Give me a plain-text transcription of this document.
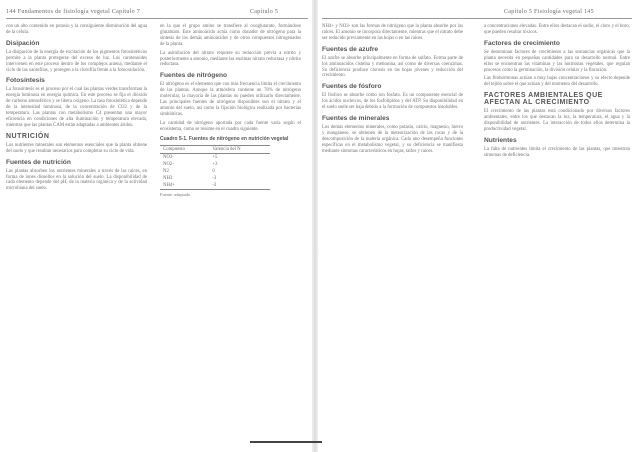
144 Fundamentos de fisiología vegetal Capítulo 7	Capítulo 5

con un alto contenido en potasio y la consiguiente disminución del agua de la célula.

Disipación

La disipación de la energía de excitación de los pigmentos fotosintéticos permite a la planta protegerse del exceso de luz. Los carotenoides intervienen en este proceso dentro de los complejos antena, mediante el ciclo de las xantofilas, y protegen a la clorofila frente a la fotooxidación.

Fotosíntesis

La fotosíntesis es el proceso por el cual las plantas verdes transforman la energía luminosa en energía química. En este proceso se fija el dióxido de carbono atmosférico y se libera oxígeno. La tasa fotosintética depende de la intensidad luminosa, de la concentración de CO2 y de la temperatura. Las plantas con metabolismo C4 presentan una mayor eficiencia en condiciones de alta iluminación y temperatura elevada, mientras que las plantas CAM están adaptadas a ambientes áridos.

NUTRICIÓN

Los nutrientes minerales son elementos esenciales que la planta obtiene del suelo y que resultan necesarios para completar su ciclo de vida.

Fuentes de nutrición

Las plantas absorben los nutrientes minerales a través de las raíces, en forma de iones disueltos en la solución del suelo. La disponibilidad de cada elemento depende del pH, de la materia orgánica y de la actividad microbiana del suelo.

en la que el grupo amino se transfiere al oxoglutarato, formándose glutamato. Este aminoácido actúa como donador de nitrógeno para la síntesis de los demás aminoácidos y de otros compuestos nitrogenados de la planta.

La asimilación del nitrato requiere su reducción previa a nitrito y posteriormente a amonio, mediante las enzimas nitrato reductasa y nitrito reductasa.

Fuentes de nitrógeno

El nitrógeno es el elemento que con más frecuencia limita el crecimiento de las plantas. Aunque la atmósfera contiene un 78% de nitrógeno molecular, la mayoría de las plantas no pueden utilizarlo directamente. Las principales fuentes de nitrógeno disponibles son el nitrato y el amonio del suelo, así como la fijación biológica realizada por bacterias simbióticas.

La cantidad de nitrógeno aportada por cada fuente varía según el ecosistema, como se resume en el cuadro siguiente.

Cuadro 5-1. Fuentes de nitrógeno en nutrición vegetal
Compuesto	Valencia del N
NO3-	+5
NO2-	+3
N2	0
NH3	-3
NH4+	-3
Fuente: adaptado.
Capítulo 5 Fisiología vegetal 145

NH4+ y NO3- son las formas de nitrógeno que la planta absorbe por las raíces. El amonio se incorpora directamente, mientras que el nitrato debe ser reducido previamente en las hojas o en las raíces.

Fuentes de azufre

El azufre se absorbe principalmente en forma de sulfato. Forma parte de los aminoácidos cisteína y metionina, así como de diversas coenzimas. Su deficiencia produce clorosis en las hojas jóvenes y reducción del crecimiento.

Fuentes de fósforo

El fósforo se absorbe como ion fosfato. Es un componente esencial de los ácidos nucleicos, de los fosfolípidos y del ATP. Su disponibilidad en el suelo suele ser baja debido a la formación de compuestos insolubles.

Fuentes de minerales

Los demás elementos minerales, como potasio, calcio, magnesio, hierro y manganeso, se obtienen de la meteorización de las rocas y de la descomposición de la materia orgánica. Cada uno desempeña funciones específicas en el metabolismo vegetal, y su deficiencia se manifiesta mediante síntomas característicos en hojas, tallos y raíces.

a concentraciones elevadas. Entre ellos destacan el sodio, el cloro y el boro, que pueden resultar tóxicos.

Factores de crecimiento

Se denominan factores de crecimiento a las sustancias orgánicas que la planta necesita en pequeñas cantidades para su desarrollo normal. Entre ellos se encuentran las vitaminas y las hormonas vegetales, que regulan procesos como la germinación, la división celular y la floración.

Las fitohormonas actúan a muy bajas concentraciones y su efecto depende del tejido sobre el que actúan y del momento del desarrollo.

FACTORES AMBIENTALES QUE AFECTAN AL CRECIMIENTO

El crecimiento de las plantas está condicionado por diversos factores ambientales, entre los que destacan la luz, la temperatura, el agua y la disponibilidad de nutrientes. La interacción de todos ellos determina la productividad vegetal.

Nutrientes

La falta de nutrientes limita el crecimiento de las plantas, que muestran síntomas de deficiencia.
